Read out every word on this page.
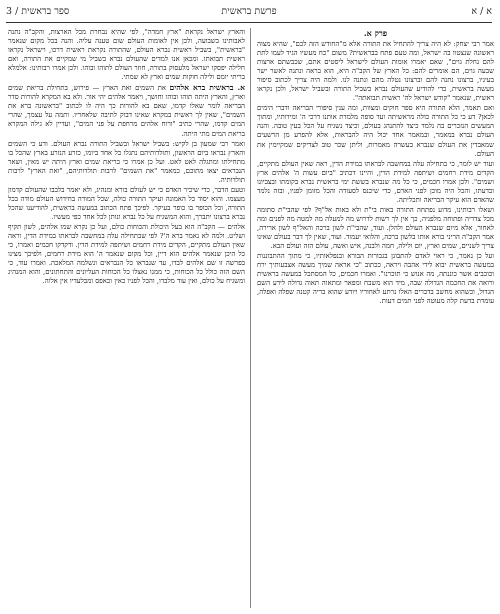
ספר בראשית / 3	פרשת בראשית	א / א
פרק א.

אמר רבי יצחק: לא היה צריך להתחיל את התורה אלא מ"החודש הזה לכם", שהיא מצוה ראשונה שנצטוו בה ישראל, ומה טעם פתח בבראשית? משום "כח מעשיו הגיד לעמו לתת להם נחלת גוים", שאם יאמרו אומות העולם לישראל ליסטים אתם, שכבשתם ארצות שבעה גוים, הם אומרים להם: כל הארץ של הקב"ה היא, הוא בראה ונתנה לאשר ישר בעיניו, ברצונו נתנה להם וברצונו נטלה מהם ונתנה לנו. ולמה היה צריך לכתוב סיפור מעשה בראשית, כדי להודיע שהעולם נברא בשביל התורה ובשביל ישראל, ולכן נקראו ראשית, שנאמר "קודש ישראל לה' ראשית תבואתה".

ואם תאמר, הלא התורה היא ספר חוקים ומצוות, ומה ענין סיפורי הבריאה ודברי הימים לכאן? דע כי כל התורה כולה מראשיתה ועד סופה מלמדת אותנו דרכי ה' ומידותיו, ומתוך המעשים הנזכרים בה נלמד כיצד להתנהג בעולם, וכיצד נשגיח על הכל בעין טובה. והנה העולם נברא במאמר, ובמאמר אחד יכול היה להבראות, אלא להפרע מן הרשעים שמאבדין את העולם שנברא בעשרה מאמרות, וליתן שכר טוב לצדיקים שמקיימין את העולם.

ועוד יש לומר, כי בתחילה עלה במחשבה לבראתו במידת הדין, ראה שאין העולם מתקיים, הקדים מידת רחמים ושיתפה למידת הדין, והיינו דכתיב "ביום עשות ה' אלהים ארץ ושמים". ולכן אמרו חכמים, כי כל מה שנברא בששת ימי בראשית נברא בקומתו ובצביונו ובדעתו, והכל היה מוכן לפני האדם, כדי שיכנס לסעודה והכל מזומן לפניו, ובזה נלמד שהאדם הוא עיקר הבריאה ותכליתה.

ושאלו רבותינו, מדוע נפתחה התורה באות בי"ת ולא באות אל"ף? לפי שהבי"ת סתומה מכל צדדיה ופתוחה מלפניה, כך אין לך רשות לדרוש מה למעלה מה למטה מה לפנים ומה לאחור, אלא מיום שנברא העולם ולהלן. ועוד, שהבי"ת לשון ברכה והאל"ף לשון ארירה, אמר הקב"ה הריני בורא אותו בלשון ברכה, והלואי יעמוד. ועוד, שאין לך דבר בעולם שאינו צריך לשניים, שמים וארץ, יום ולילה, חמה ולבנה, איש ואשה, עולם הזה ועולם הבא.

ועל כן נאמר, כי ראוי לאדם להתבונן בגבורות הבורא ובנפלאותיו, כי מתוך ההתבוננות במעשה בראשית יבוא לידי אהבה ויראה, ככתוב "כי אראה שמיך מעשה אצבעותיך ירח וכוכבים אשר כוננתה, מה אנוש כי תזכרנו". ואמרו חכמים, כל המסתכל במעשה בראשית ורואה את החכמה הגדולה שבה, מיד הוא משבח ומפאר ומתאוה תאוה גדולה לידע השם הגדול, וכשהוא מחשב בדברים האלו נרתע לאחוריו ויודע שהוא בריה קטנה שפלה ואפלה, עומדת בדעת קלה מעוטה לפני תמים דעות.

והארץ ישראל נקראת "ארץ חמדה", לפי שהיא נבחרת מכל הארצות, והקב"ה נתנה לאבותינו בשבועה, ולכן אין לאומות העולם שום טענה עליה. והנה בכל מקום שנאמר "בראשית", בשביל ראשית נברא העולם, שהתורה נקראת ראשית דרכו, וישראל נקראו ראשית תבואתו. ומכאן אנו למדים שהעולם נברא בשביל מי שמקיים את התורה, ואם חלילה יפסקו ישראל מלעסוק בתורה, חוזר העולם לתוהו ובוהו. ולכן אמרו רבותינו: אלמלא בריתי יומם ולילה חוקות שמים וארץ לא שמתי.

א. בראשית ברא אלהים את השמים ואת הארץ — פירוש, בתחילת בריאת שמים וארץ, והארץ היתה תוהו ובוהו וחושך, ויאמר אלהים יהי אור. ולא בא המקרא להורות סדר הבריאה לומר שאלו קדמו, שאם בא להורות כך היה לו לכתוב "בראשונה ברא את השמים", שאין לך ראשית במקרא שאינו דבוק לתיבה שלאחריו. ותמה על עצמך, שהרי המים קדמו, שהרי כתיב "ורוח אלהים מרחפת על פני המים", ועדיין לא גילה המקרא בריאת המים מתי היתה.

ואמר רבי שמעון בן לקיש: בשביל ישראל ובשביל התורה נברא העולם. ודע כי השמים והארץ נבראו ביום הראשון, ותולדותיהם נתגלו כל אחד ביומו, כזרע הנזרע בארץ שהכל בו מתחילתו ומתגלה לאט לאט. ועל כן אמרו כי בריאת שמים וארץ היתה יש מאין, ושאר הנבראים יצאו מתוכם, כמאמר "את השמים" לרבות תולדותיהם, "ואת הארץ" לרבות תולדותיה.

וטעם הדבר, כדי שיכיר האדם כי יש לעולם בורא ומנהיג, ולא יאמר בלבבו שהעולם קדמון מעצמו. והוא יסוד כל האמונה ועיקר התורה כולה, שכל המודה בחידוש העולם מודה בכל התורה, וכל הכופר בו כופר בעיקר. לפיכך פתח הכתוב במעשה בראשית, להודיענו שהכל נברא ברצונו יתברך, והוא המשגיח על כל נברא ונותן לכל אחד כפי מעשיו.

אלהים — הקב"ה הוא בעל היכולת והכוחות כולם, ועל כן נקרא שמו אלהים, לשון תקיף ושליט. ולמה לא נאמר ברא ה'? לפי שבתחילה עלה במחשבה לבראתו במידת הדין, וראה שאין העולם מתקיים, הקדים מידת רחמים ושיתפה למידת הדין. ודקדקו חכמים ואמרו, כי כל היכן שנאמר אלהים הוא דיין, וכל מקום שנאמר ה' הוא מידת רחמים, ולפיכך מצינו בפרשה זו שם אלהים לבדו, עד שנבראו כל הנבראים ונשלמה המלאכה. ואמרו עוד, כי השם הזה כולל כל הכוחות, כי ממנו נאצלו כל הכוחות העליונים והתחתונים, והוא המנהיג ומשגיח על כולם, ואין עוד מלבדו, והכל לפניו כאין וכאפס ומבלעדיו אין אלוה.
